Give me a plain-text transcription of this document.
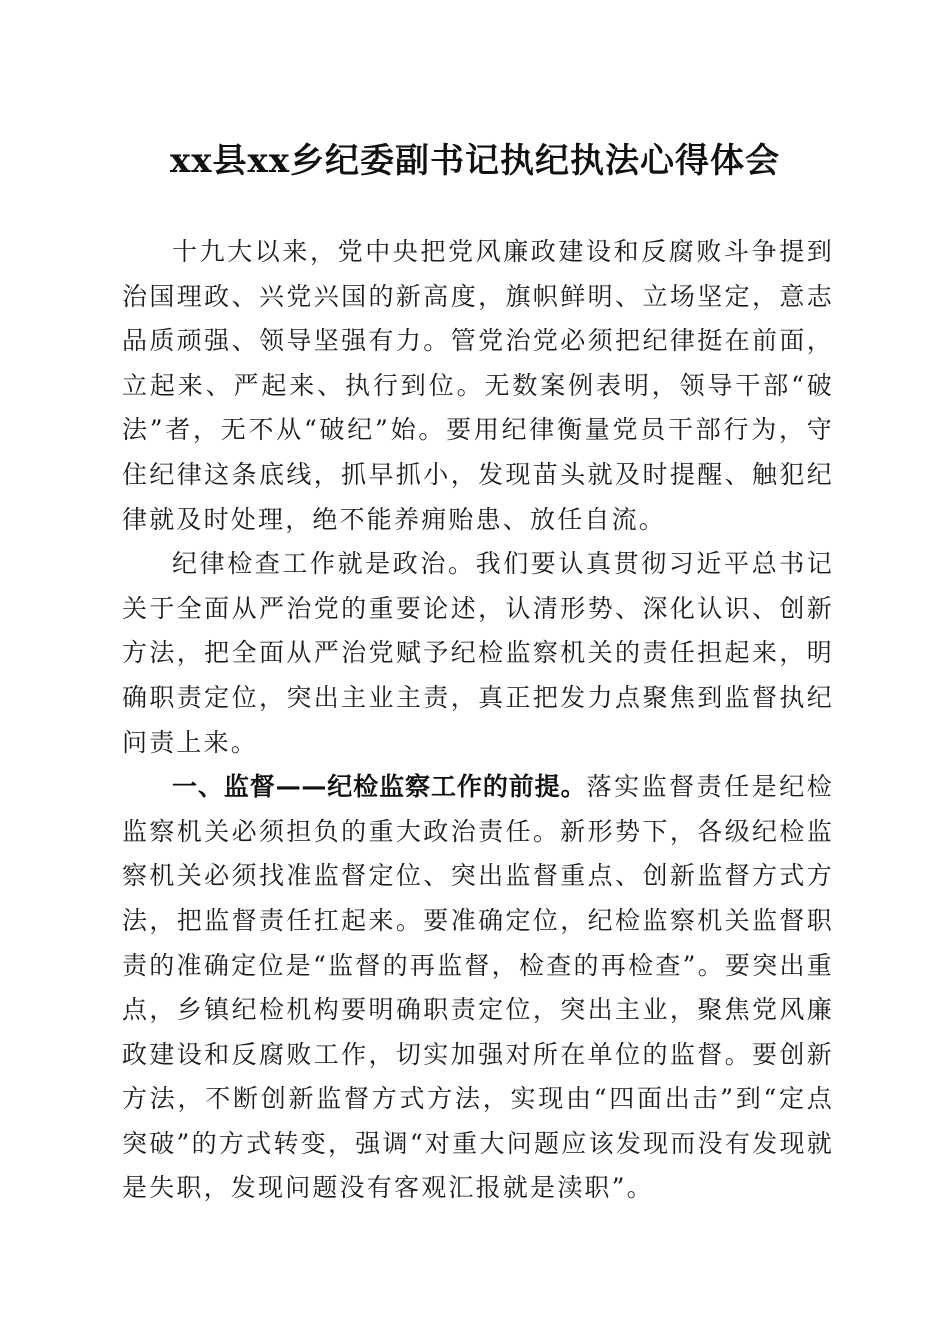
xx县xx乡纪委副书记执纪执法心得体会

十九大以来，党中央把党风廉政建设和反腐败斗争提到治国理政、兴党兴国的新高度，旗帜鲜明、立场坚定，意志品质顽强、领导坚强有力。管党治党必须把纪律挺在前面，立起来、严起来、执行到位。无数案例表明，领导干部“破法”者，无不从“破纪”始。要用纪律衡量党员干部行为，守住纪律这条底线，抓早抓小，发现苗头就及时提醒、触犯纪律就及时处理，绝不能养痈贻患、放任自流。

纪律检查工作就是政治。我们要认真贯彻习近平总书记关于全面从严治党的重要论述，认清形势、深化认识、创新方法，把全面从严治党赋予纪检监察机关的责任担起来，明确职责定位，突出主业主责，真正把发力点聚焦到监督执纪问责上来。

一、监督——纪检监察工作的前提。落实监督责任是纪检监察机关必须担负的重大政治责任。新形势下，各级纪检监察机关必须找准监督定位、突出监督重点、创新监督方式方法，把监督责任扛起来。要准确定位，纪检监察机关监督职责的准确定位是“监督的再监督，检查的再检查”。要突出重点，乡镇纪检机构要明确职责定位，突出主业，聚焦党风廉政建设和反腐败工作，切实加强对所在单位的监督。要创新方法，不断创新监督方式方法，实现由“四面出击”到“定点突破”的方式转变，强调“对重大问题应该发现而没有发现就是失职，发现问题没有客观汇报就是渎职”。
